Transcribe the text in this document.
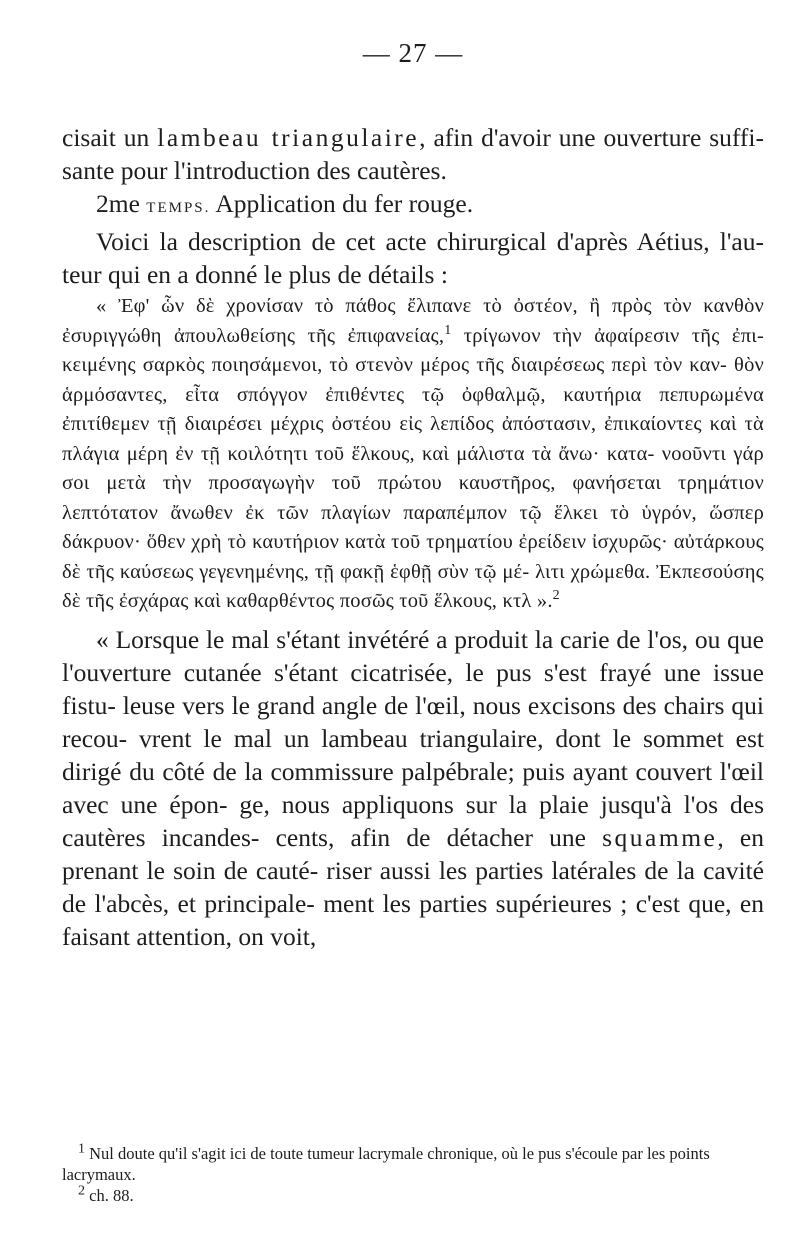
— 27 —

cisait un lambeau triangulaire, afin d'avoir une ouverture suffi- sante pour l'introduction des cautères.

2me TEMPS. Application du fer rouge.

Voici la description de cet acte chirurgical d'après Aétius, l'au- teur qui en a donné le plus de détails :

« Ἐφ' ὧν δὲ χρονίσαν τὸ πάθος ἔλιπανε τὸ ὀστέον, ἢ πρὸς τὸν κανθὸν ἐσυριγγώθη ἀπουλωθείσης τῆς ἐπιφανείας,$^1$ τρίγωνον τὴν ἀφαίρεσιν τῆς ἐπι- κειμένης σαρκὸς ποιησάμενοι, τὸ στενὸν μέρος τῆς διαιρέσεως περὶ τὸν καν- θὸν ἁρμόσαντες, εἶτα σπόγγον ἐπιθέντες τῷ ὀφθαλμῷ, καυτήρια πεπυρωμένα ἐπιτίθεμεν τῇ διαιρέσει μέχρις ὀστέου εἰς λεπίδος ἀπόστασιν, ἐπικαίοντες καὶ τὰ πλάγια μέρη ἐν τῇ κοιλότητι τοῦ ἕλκους, καὶ μάλιστα τὰ ἄνω· κατα- νοοῦντι γάρ σοι μετὰ τὴν προσαγωγὴν τοῦ πρώτου καυστῆρος, φανήσεται τρημάτιον λεπτότατον ἄνωθεν ἐκ τῶν πλαγίων παραπέμπον τῷ ἕλκει τὸ ὑγρόν, ὥσπερ δάκρυον· ὅθεν χρὴ τὸ καυτήριον κατὰ τοῦ τρηματίου ἐρείδειν ἰσχυρῶς· αὐτάρκους δὲ τῆς καύσεως γεγενημένης, τῇ φακῇ ἑφθῇ σὺν τῷ μέ- λιτι χρώμεθα. Ἐκπεσούσης δὲ τῆς ἐσχάρας καὶ καθαρθέντος ποσῶς τοῦ ἕλκους, κτλ ».$^2$

« Lorsque le mal s'étant invétéré a produit la carie de l'os, ou que l'ouverture cutanée s'étant cicatrisée, le pus s'est frayé une issue fistu- leuse vers le grand angle de l'œil, nous excisons des chairs qui recou- vrent le mal un lambeau triangulaire, dont le sommet est dirigé du côté de la commissure palpébrale; puis ayant couvert l'œil avec une épon- ge, nous appliquons sur la plaie jusqu'à l'os des cautères incandes- cents, afin de détacher une squamme, en prenant le soin de cauté- riser aussi les parties latérales de la cavité de l'abcès, et principale- ment les parties supérieures ; c'est que, en faisant attention, on voit,

$^1$ Nul doute qu'il s'agit ici de toute tumeur lacrymale chronique, où le pus s'écoule par les points lacrymaux.

$^2$ ch. 88.
